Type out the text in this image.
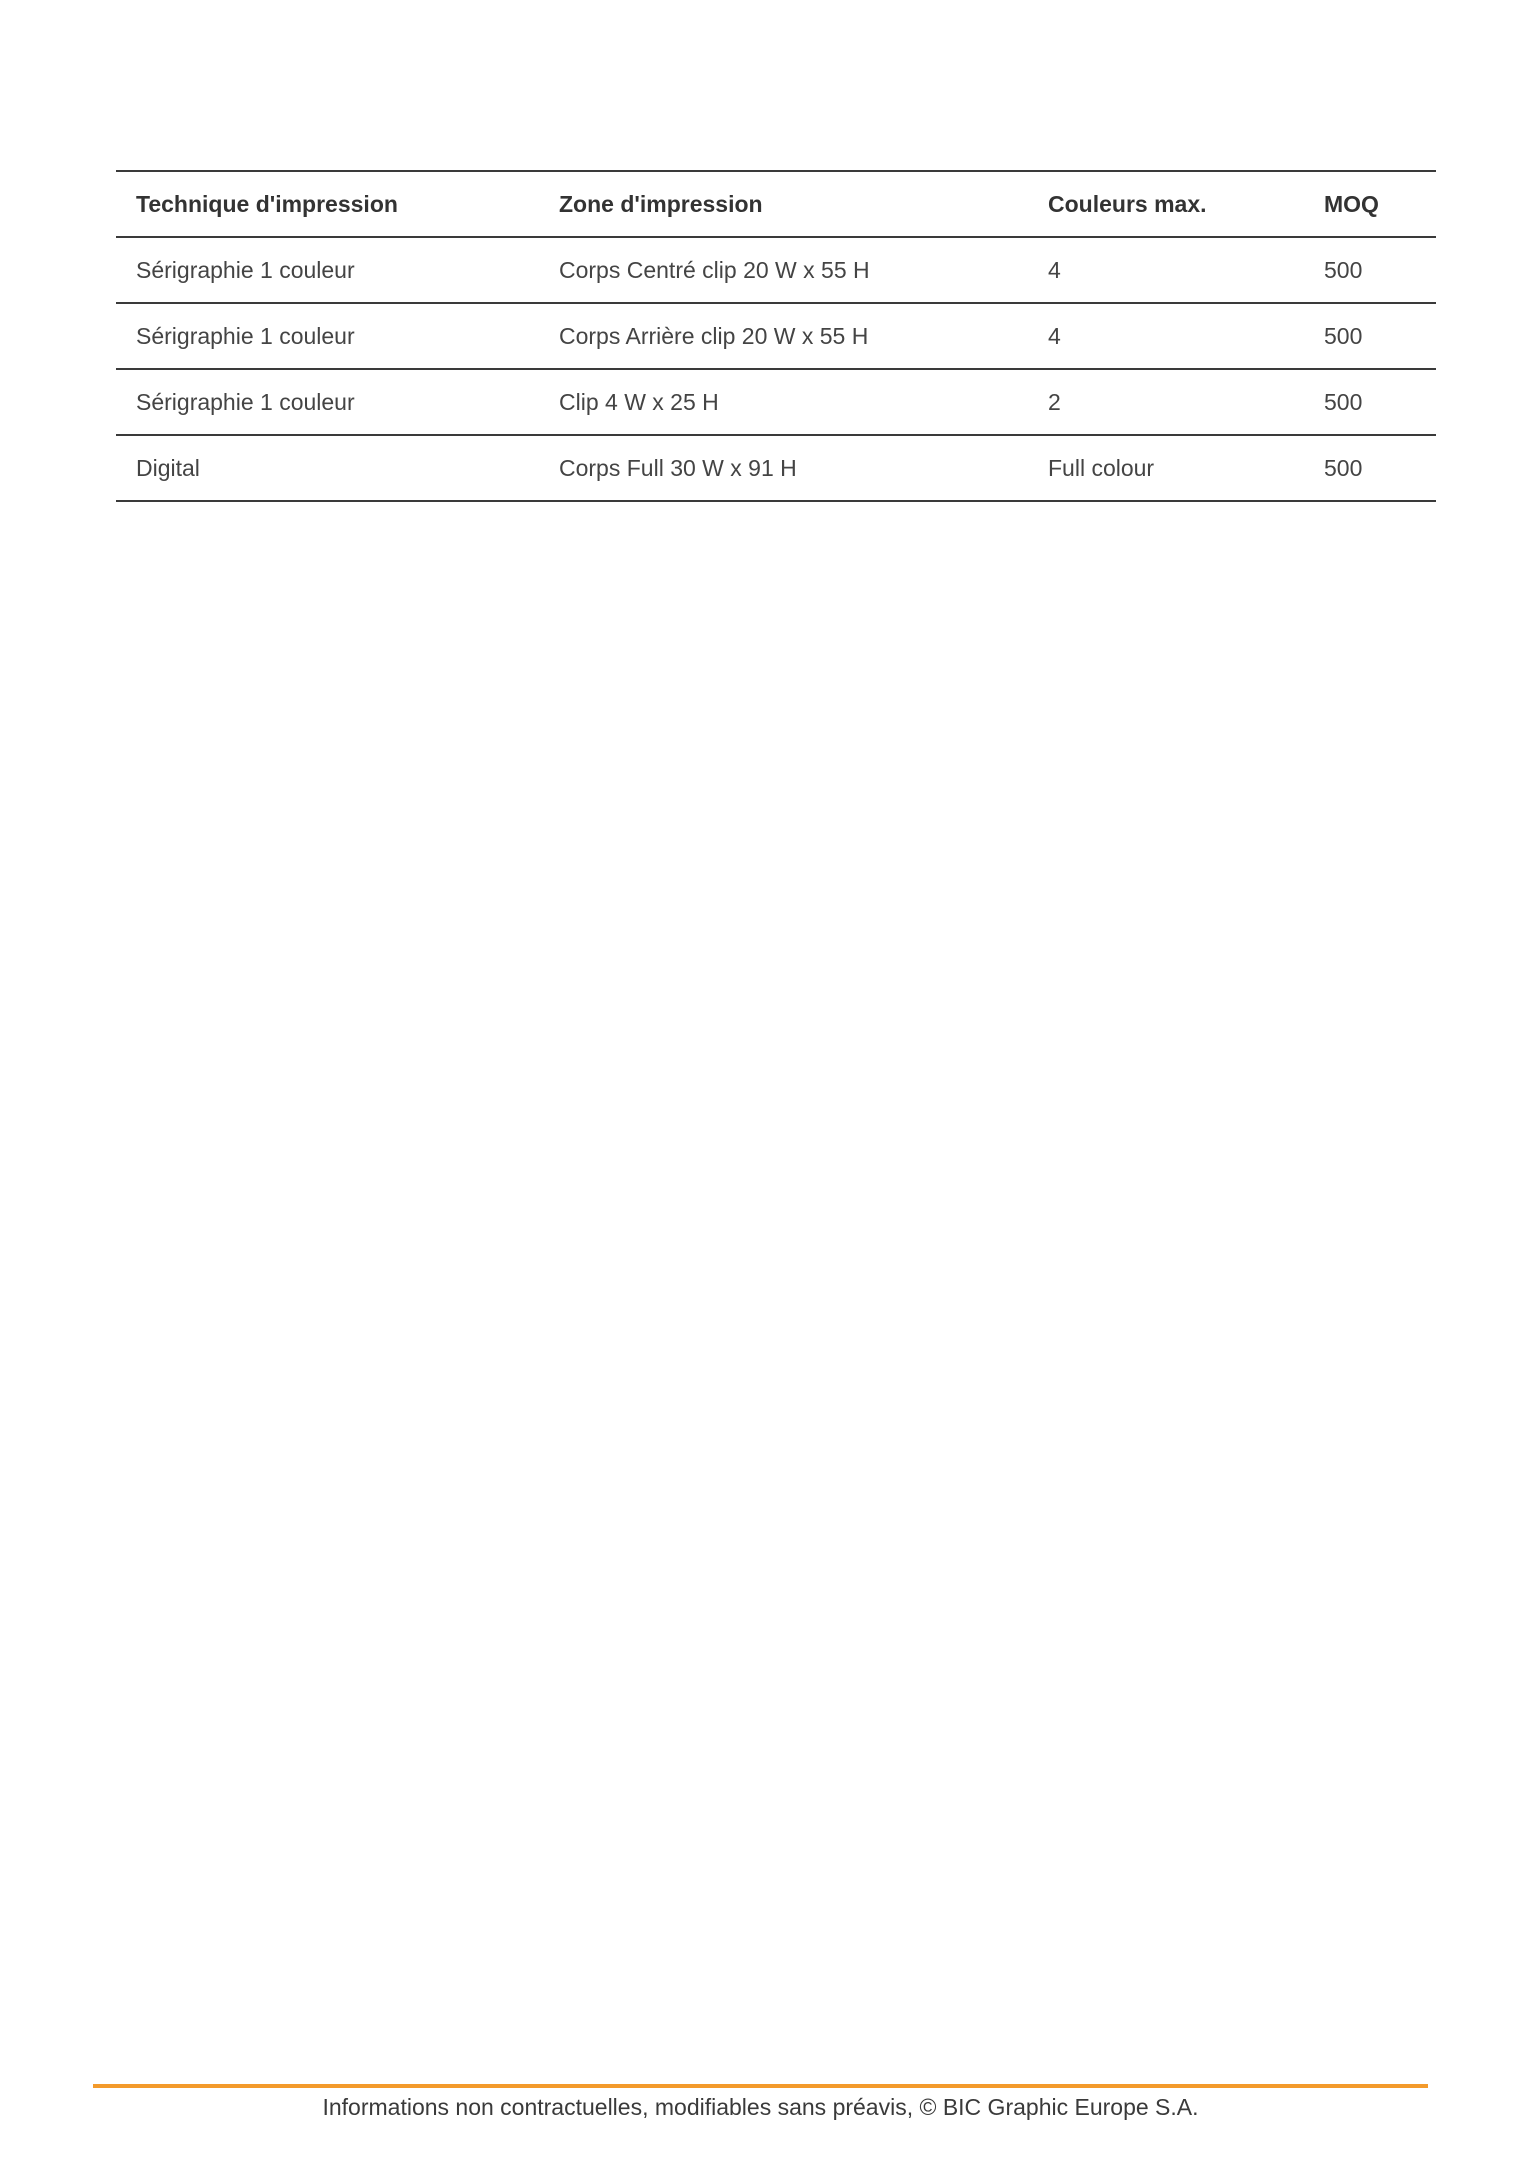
Technique d'impression	Zone d'impression	Couleurs max.	MOQ
Sérigraphie 1 couleur	Corps Centré clip 20 W x 55 H	4	500
Sérigraphie 1 couleur	Corps Arrière clip 20 W x 55 H	4	500
Sérigraphie 1 couleur	Clip 4 W x 25 H	2	500
Digital	Corps Full 30 W x 91 H	Full colour	500
Informations non contractuelles, modifiables sans préavis, © BIC Graphic Europe S.A.
